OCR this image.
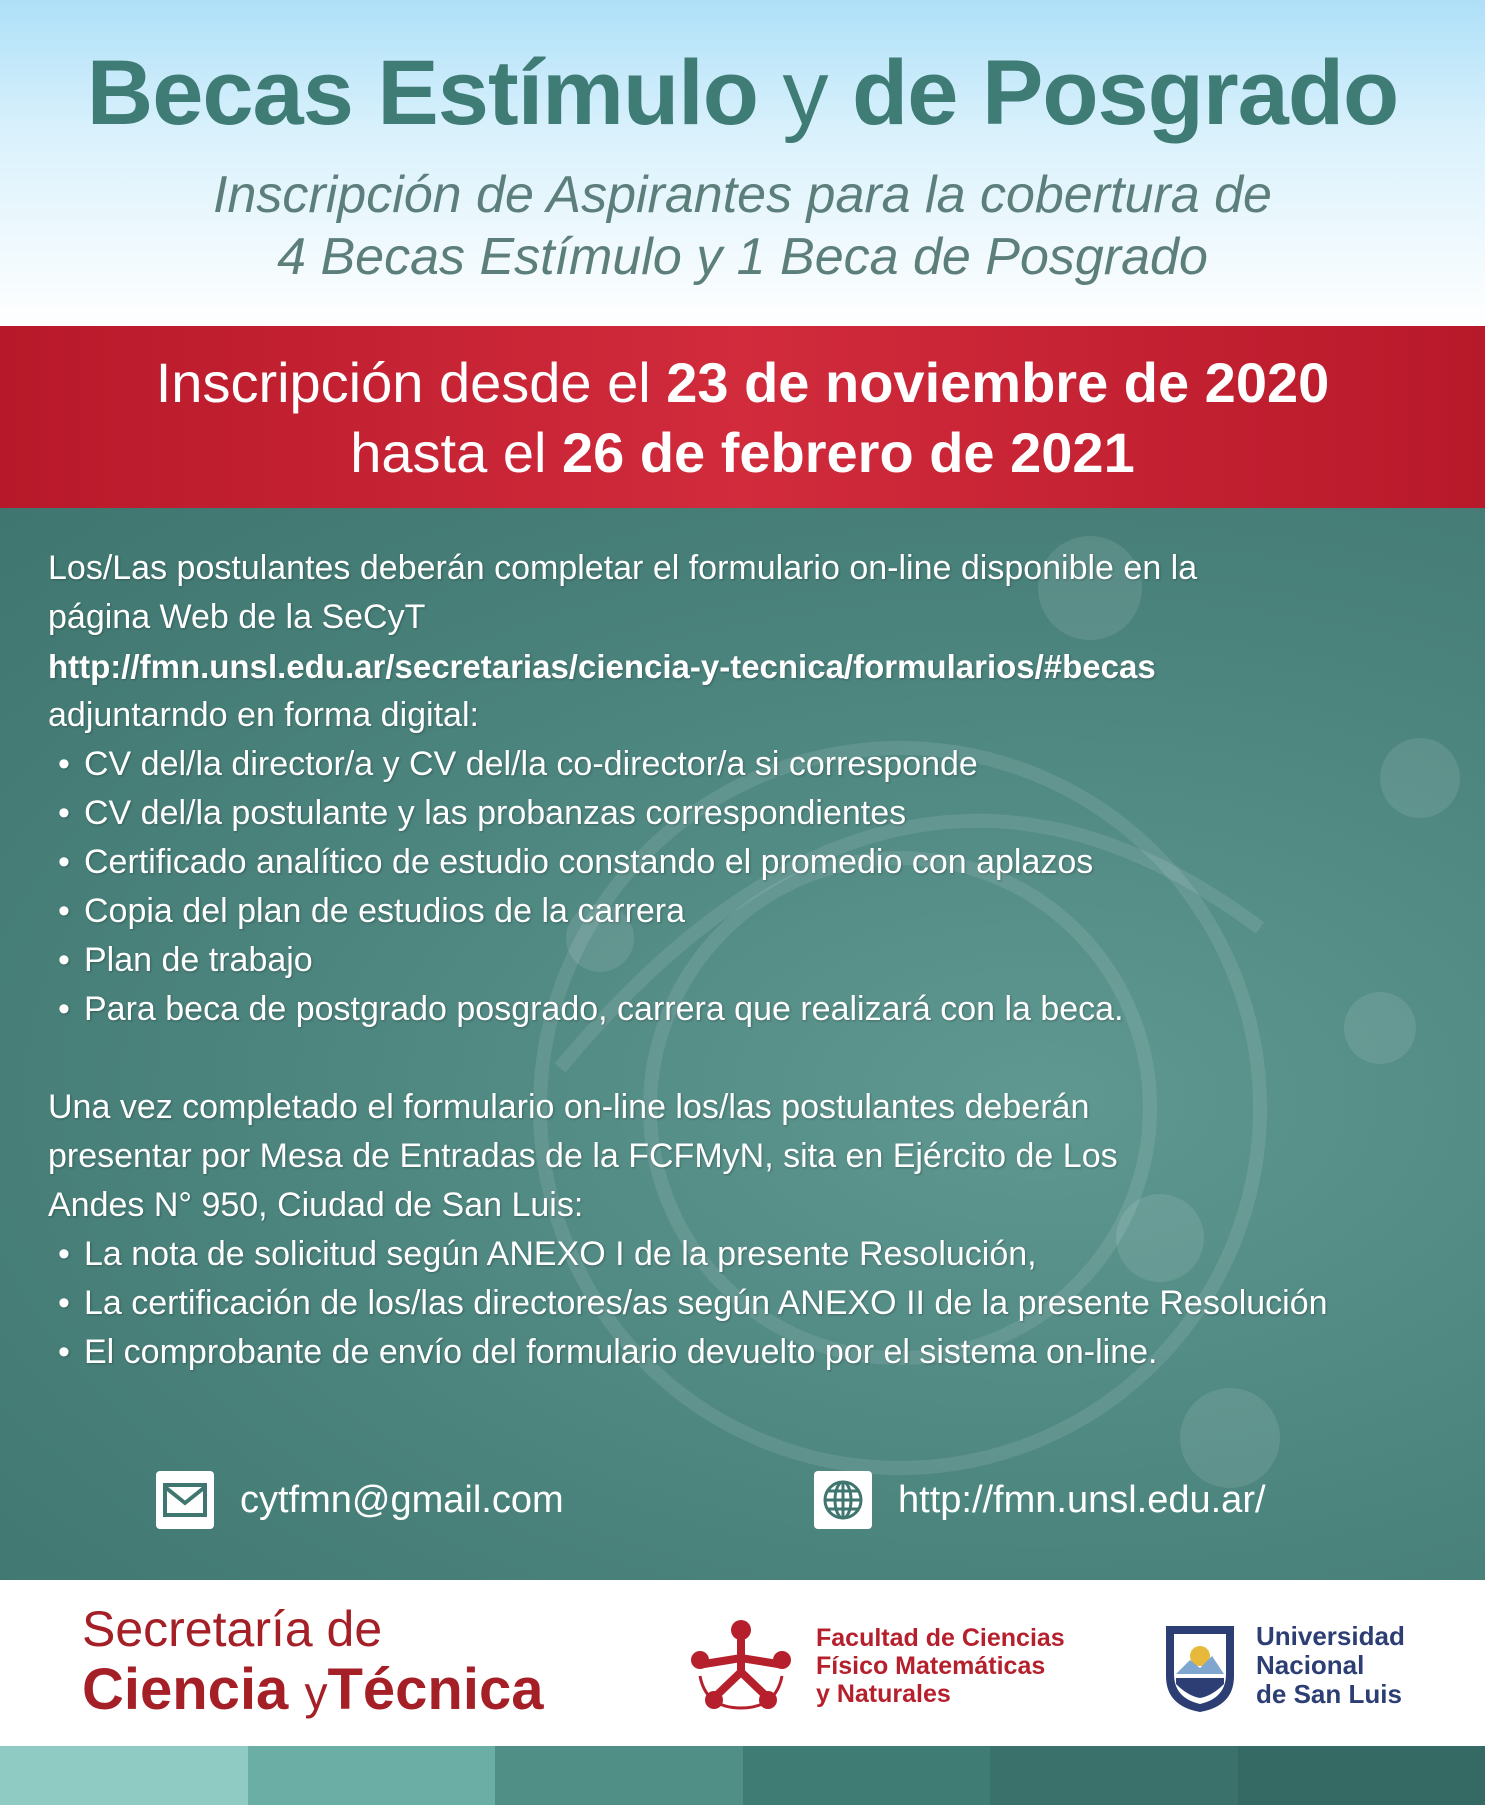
Becas Estímulo y de Posgrado
Inscripción de Aspirantes para la cobertura de
4 Becas Estímulo y 1 Beca de Posgrado
Inscripción desde el 23 de noviembre de 2020
hasta el 26 de febrero de 2021

Los/Las postulantes deberán completar el formulario on-line disponible en la

página Web de la SeCyT

http://fmn.unsl.edu.ar/secretarias/ciencia-y-tecnica/formularios/#becas

adjuntarndo en forma digital:

• CV del/la director/a y CV del/la co-director/a si corresponde
• CV del/la postulante y las probanzas correspondientes
• Certificado analítico de estudio constando el promedio con aplazos
• Copia del plan de estudios de la carrera
• Plan de trabajo
• Para beca de postgrado posgrado, carrera que realizará con la beca.

Una vez completado el formulario on-line los/las postulantes deberán

presentar por Mesa de Entradas de la FCFMyN, sita en Ejército de Los

Andes N° 950, Ciudad de San Luis:

• La nota de solicitud según ANEXO I de la presente Resolución,
• La certificación de los/las directores/as según ANEXO II de la presente Resolución
• El comprobante de envío del formulario devuelto por el sistema on-line.
cytfmn@gmail.com	http://fmn.unsl.edu.ar/
Secretaría de
Ciencia yTécnica
Facultad de Ciencias
Físico Matemáticas
y Naturales
Universidad
Nacional
de San Luis
